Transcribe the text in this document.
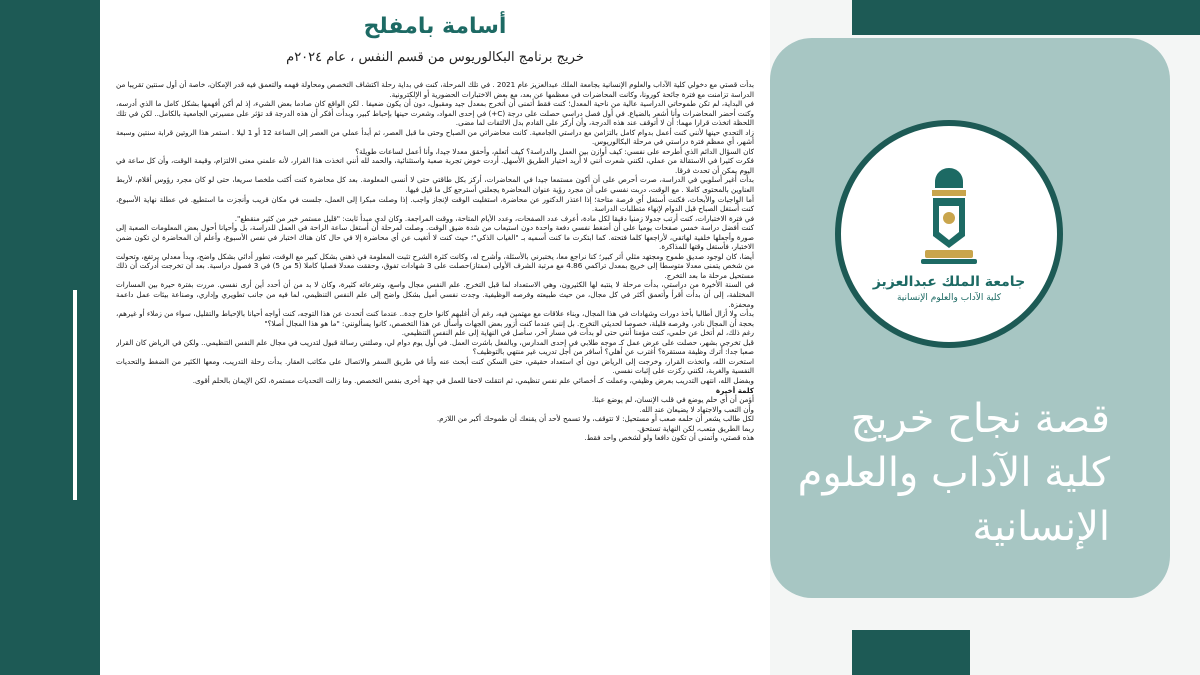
أسامة بامفلح
خريج برنامج البكالوريوس من قسم النفس ، عام ٢٠٢٤م

بدأت قصتي مع دخولي كلية الآداب والعلوم الإنسانية بجامعة الملك عبدالعزيز عام 2021 . في تلك المرحلة، كنت في بداية رحلة اكتشاف التخصص ومحاولة فهمه والتعمق فيه قدر الإمكان، خاصة أن أول سنتين تقريبا من الدراسة تزامنت مع فترة جائحة كورونا، وكانت المحاضرات في معظمها عن بعد، مع بعض الاختبارات الحضورية أو الإلكترونية.

في البداية، لم تكن طموحاتي الدراسية عالية من ناحية المعدل؛ كنت فقط أتمنى أن أتخرج بمعدل جيد ومقبول، دون أن يكون ضعيفا . لكن الواقع كان صادما بعض الشيء، إذ لم أكن أفهمها بشكل كامل ما الذي أدرسه، وكنت أحضر المحاضرات وأنا أشعر بالضياع. في أول فصل دراسي حصلت على درجة (C+) في إحدى المواد، وشعرت حينها بإحباط كبير، وبدأت أفكر أن هذه الدرجة قد تؤثر على مسيرتي الجامعية بالكامل.. لكن في تلك اللحظة اتخذت قرارا مهما: أن لا أتوقف عند هذه الدرجة، وأن أركز على القادم بدل الالتفات لما مضى.

زاد التحدي حينها لأنني كنت أعمل بدوام كامل بالتزامن مع دراستي الجامعية. كانت محاضراتي من الصباح وحتى ما قبل العصر، ثم أبدأ عملي من العصر إلى الساعة 12 أو 1 ليلا . استمر هذا الروتين قرابة سنتين وسبعة أشهر، أي معظم فترة دراستي في مرحلة البكالوريوس.

كان السؤال الدائم الذي أطرحه على نفسي: كيف أوازن بين العمل والدراسة؟ كيف أتعلم، وأحقق معدلا جيدا، وأنا أعمل لساعات طويلة؟

فكرت كثيرا في الاستقالة من عملي، لكنني شعرت أنني لا أريد اختيار الطريق الأسهل. أردت خوض تجربة صعبة واستثنائية، والحمد لله أنني اتخذت هذا القرار، لأنه علمني معنى الالتزام، وقيمة الوقت، وأن كل ساعة في اليوم يمكن أن تحدث فرقا.

بدأت أغير أسلوبي في الدراسة، صرت أحرص على أن أكون مستمعا جيدا في المحاضرات، أركز بكل طاقتي حتى لا أنسى المعلومة. بعد كل محاضرة كنت أكتب ملخصا سريعا، حتى لو كان مجرد رؤوس أقلام، لأربط العناوين بالمحتوى كاملا . مع الوقت، دربت نفسي على أن مجرد رؤية عنوان المحاضرة يجعلني أسترجع كل ما قيل فيها.

أما الواجبات والأبحاث، فكنت أستغل أي فرصة متاحة؛ إذا اعتذر الدكتور عن محاضرة، استغليت الوقت لإنجاز واجب. إذا وصلت مبكرا إلى العمل، جلست في مكان قريب وأنجزت ما استطيع. في عطلة نهاية الأسبوع، كنت أستغل الصباح قبل الدوام لإنهاء متطلبات الدراسة.

في فترة الاختبارات، كنت أرتب جدولا زمنيا دقيقا لكل مادة، أعرف عدد الصفحات، وعدد الأيام المتاحة، ووقت المراجعة. وكان لدي مبدأ ثابت: "قليل مستمر خير من كثير منقطع".

كنت أفضل دراسة خمس صفحات يوميا على أن أضغط نفسي دفعة واحدة دون استيعاب من شدة ضيق الوقت. وصلت لمرحلة أن أستغل ساعة الراحة في العمل للدراسة، بل وأحيانا أحول بعض المعلومات الصعبة إلى صورة وأجعلها خلفية لهاتفي، لأراجعها كلما فتحته. كما ابتكرت ما كنت أسميه بـ "الغياب الذكي"؛ حيث كنت لا أتغيب عن أي محاضرة إلا في حال كان هناك اختبار في نفس الأسبوع، وأعلم أن المحاضرة لن تكون ضمن الاختبار، فأستغل وقتها للمذاكرة.

أيضا، كان لوجود صديق طموح ومجتهد مثلي أثر كبير؛ كنا نراجع معا، يختبرني بالأسئلة، وأشرح له، وكانت كثرة الشرح تثبت المعلومة في ذهني بشكل كبير مع الوقت، تطور أدائي بشكل واضح، وبدأ معدلي يرتفع، وتحولت من شخص يتمنى معدلا متوسطا إلى خريج بمعدل تراكمي 4.86 مع مرتبة الشرف الأولى (ممتاز)حصلت على 3 شهادات تفوق، وحققت معدلا فصليا كاملا (5 من 5) في 3 فصول دراسية. بعد أن تخرجت أدركت أن ذلك مستحيل مرحلة ما بعد التخرج.

في السنة الأخيرة من دراستي، بدأت مرحلة لا ينتبه لها الكثيرون، وهي الاستعداد لما قبل التخرج. علم النفس مجال واسع، وتفرعاته كثيرة، وكان لا بد من أن أحدد أين أرى نفسي. مررت بفترة حيرة بين المسارات المختلفة، إلى أن بدأت أقرأ وأتعمق أكثر في كل مجال، من حيث طبيعته وفرصه الوظيفية. وجدت نفسي أميل بشكل واضح إلى علم النفس التنظيمي، لما فيه من جانب تطويري وإداري، وصناعة بيئات عمل داعمة ومحفزة.

بدأت ولا أزال أطالبا بأخذ دورات وشهادات في هذا المجال، وبناء علاقات مع مهتمين فيه، رغم أن أغلبهم كانوا خارج جدة.. عندما كنت أتحدث عن هذا التوجه، كنت أواجه أحيانا بالإحباط والتقليل، سواء من زملاء أو غيرهم، بحجة أن المجال نادر، وفرصه قليلة، خصوصا لحديثي التخرج. بل إنني عندما كنت أزور بعض الجهات وأسأل عن هذا التخصص، كانوا يسألونني: "ما هو هذا المجال أصلا؟"

رغم ذلك، لم أتخل عن حلمي، كنت مؤمنا أنني حتى لو بدأت في مسار آخر، سأصل في النهاية إلى علم النفس التنظيمي.

قبل تخرجي بشهر، حصلت على عرض عمل كـ موجه طلابي في إحدى المدارس، وبالفعل باشرت العمل. في أول يوم دوام لي، وصلتني رسالة قبول لتدريب في مجال علم النفس التنظيمي.. ولكن في الرياض كان القرار صعبا جدا: أترك وظيفة مستقرة؟ أغترب عن أهلي؟ أسافر من أجل تدريب غير منتهي بالتوظيف؟

استخرت الله، واتخذت القرار، وخرجت إلى الرياض دون أي استعداد حقيقي، حتى السكن كنت أبحث عنه وأنا في طريق السفر والاتصال على مكاتب العقار. بدأت رحلة التدريب، ومعها الكثير من الضغط والتحديات النفسية والغربة، لكنني ركزت على إثبات نفسي.

وبفضل الله، انتهى التدريب بعرض وظيفي، وعملت كـ أخصائي علم نفس تنظيمي، ثم انتقلت لاحقا للعمل في جهة أخرى بنفس التخصص. وما زالت التحديات مستمرة، لكن الإيمان بالحلم أقوى.

كلمة أخيرة

أؤمن أن أي حلم يوضع في قلب الإنسان، لم يوضع عبثا.

وأن التعب والاجتهاد لا يضيعان عند الله.

لكل طالب يشعر أن حلمه صعب أو مستحيل: لا تتوقف، ولا تسمح لأحد أن يقنعك أن طموحك أكبر من اللازم.

ربما الطريق متعب، لكن النهاية تستحق.

هذه قصتي، وأتمنى أن تكون دافعا ولو لشخص واحد فقط.

جامعة الملك عبدالعزيز
كلية الآداب والعلوم الإنسانية
قصة نجاح خريج
كلية الآداب والعلوم
الإنسانية
